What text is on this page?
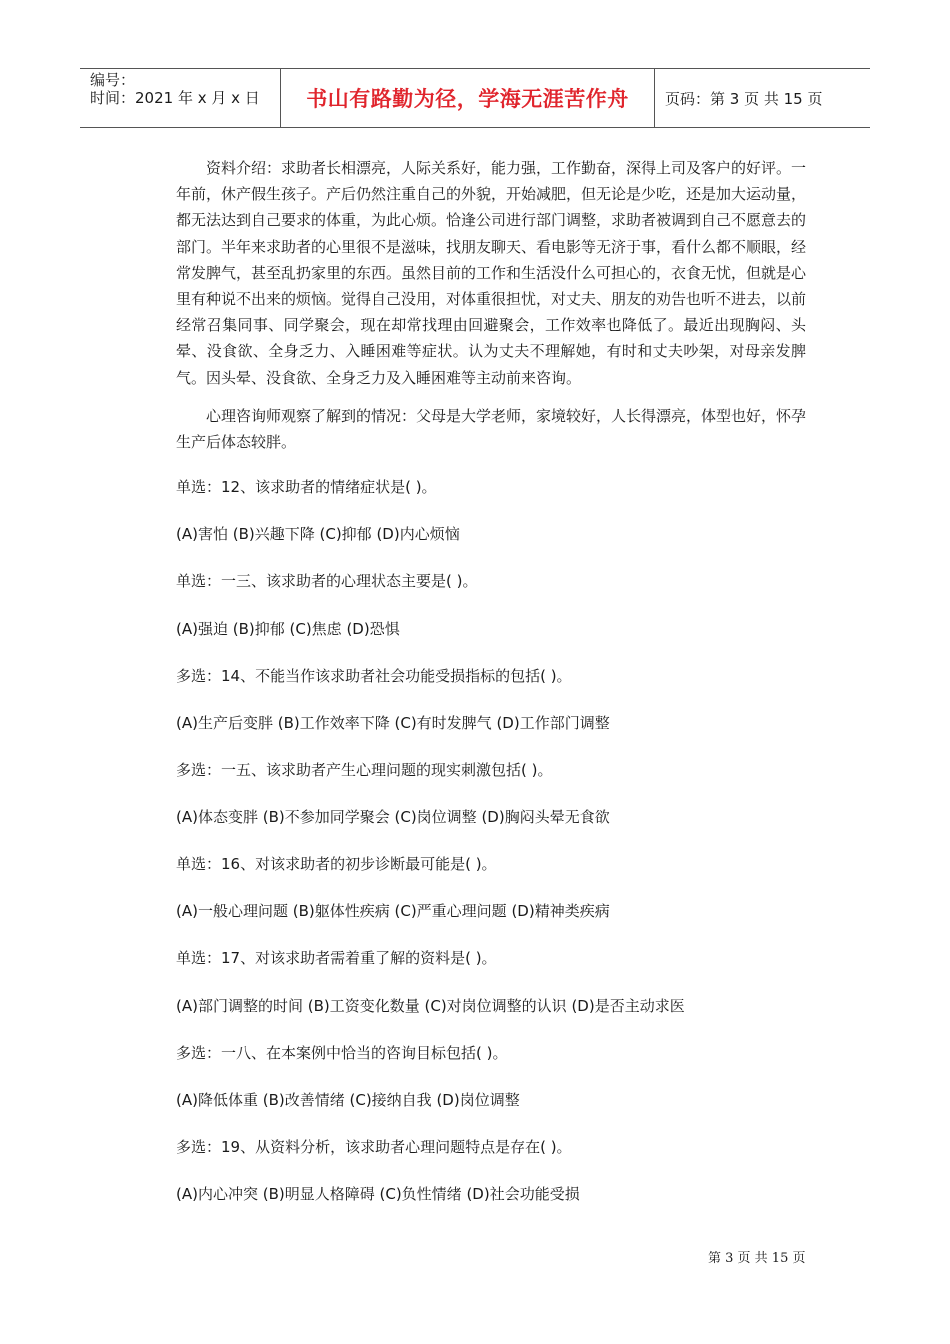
编号：
时间：2021 年 x 月 x 日	书山有路勤为径，学海无涯苦作舟	页码：第 3 页 共 15 页

资料介绍：求助者长相漂亮，人际关系好，能力强，工作勤奋，深得上司及客户的好评。一年前，休产假生孩子。产后仍然注重自己的外貌，开始减肥，但无论是少吃，还是加大运动量，都无法达到自己要求的体重，为此心烦。恰逢公司进行部门调整，求助者被调到自己不愿意去的部门。半年来求助者的心里很不是滋味，找朋友聊天、看电影等无济于事，看什么都不顺眼，经常发脾气，甚至乱扔家里的东西。虽然目前的工作和生活没什么可担心的，衣食无忧，但就是心里有种说不出来的烦恼。觉得自己没用，对体重很担忧，对丈夫、朋友的劝告也听不进去，以前经常召集同事、同学聚会，现在却常找理由回避聚会，工作效率也降低了。最近出现胸闷、头晕、没食欲、全身乏力、入睡困难等症状。认为丈夫不理解她，有时和丈夫吵架，对母亲发脾气。因头晕、没食欲、全身乏力及入睡困难等主动前来咨询。

心理咨询师观察了解到的情况：父母是大学老师，家境较好，人长得漂亮，体型也好，怀孕生产后体态较胖。

单选：12、该求助者的情绪症状是( )。
(A)害怕 (B)兴趣下降 (C)抑郁 (D)内心烦恼
单选：一三、该求助者的心理状态主要是( )。
(A)强迫 (B)抑郁 (C)焦虑 (D)恐惧
多选：14、不能当作该求助者社会功能受损指标的包括( )。
(A)生产后变胖 (B)工作效率下降 (C)有时发脾气 (D)工作部门调整
多选：一五、该求助者产生心理问题的现实刺激包括( )。
(A)体态变胖 (B)不参加同学聚会 (C)岗位调整 (D)胸闷头晕无食欲
单选：16、对该求助者的初步诊断最可能是( )。
(A)一般心理问题 (B)躯体性疾病 (C)严重心理问题 (D)精神类疾病
单选：17、对该求助者需着重了解的资料是( )。
(A)部门调整的时间 (B)工资变化数量 (C)对岗位调整的认识 (D)是否主动求医
多选：一八、在本案例中恰当的咨询目标包括( )。
(A)降低体重 (B)改善情绪 (C)接纳自我 (D)岗位调整
多选：19、从资料分析，该求助者心理问题特点是存在( )。
(A)内心冲突 (B)明显人格障碍 (C)负性情绪 (D)社会功能受损
第 3 页 共 15 页
